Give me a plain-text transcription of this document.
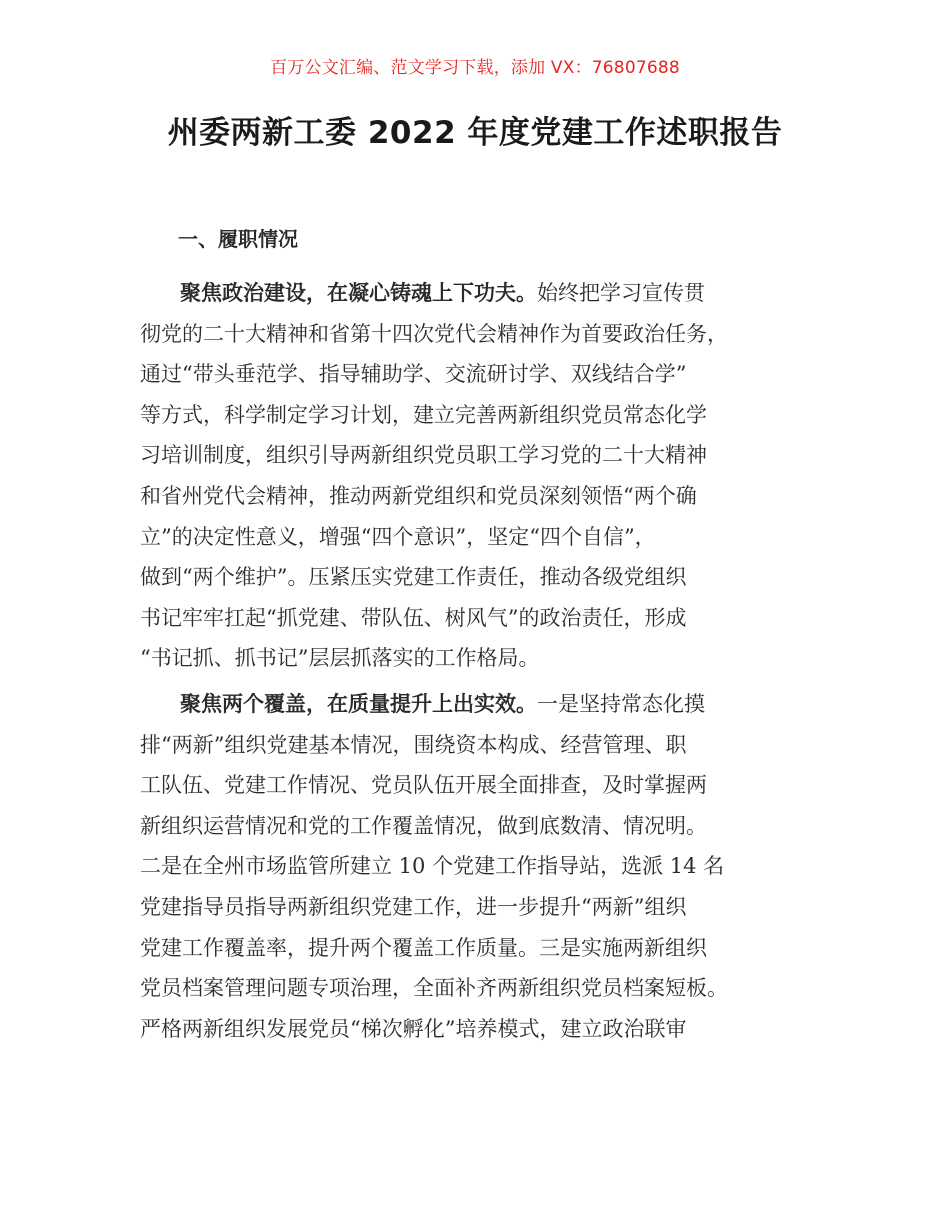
百万公文汇编、范文学习下载，添加 VX：76807688
州委两新工委 2022 年度党建工作述职报告
一、履职情况
聚焦政治建设，在凝心铸魂上下功夫。始终把学习宣传贯
彻党的二十大精神和省第十四次党代会精神作为首要政治任务，
通过“带头垂范学、指导辅助学、交流研讨学、双线结合学”
等方式，科学制定学习计划，建立完善两新组织党员常态化学
习培训制度，组织引导两新组织党员职工学习党的二十大精神
和省州党代会精神，推动两新党组织和党员深刻领悟“两个确
立”的决定性意义，增强“四个意识”，坚定“四个自信”，
做到“两个维护”。压紧压实党建工作责任，推动各级党组织
书记牢牢扛起“抓党建、带队伍、树风气”的政治责任，形成
“书记抓、抓书记”层层抓落实的工作格局。
聚焦两个覆盖，在质量提升上出实效。一是坚持常态化摸
排“两新”组织党建基本情况，围绕资本构成、经营管理、职
工队伍、党建工作情况、党员队伍开展全面排查，及时掌握两
新组织运营情况和党的工作覆盖情况，做到底数清、情况明。
二是在全州市场监管所建立 10 个党建工作指导站，选派 14 名
党建指导员指导两新组织党建工作，进一步提升“两新”组织
党建工作覆盖率，提升两个覆盖工作质量。三是实施两新组织
党员档案管理问题专项治理，全面补齐两新组织党员档案短板。
严格两新组织发展党员“梯次孵化”培养模式，建立政治联审
